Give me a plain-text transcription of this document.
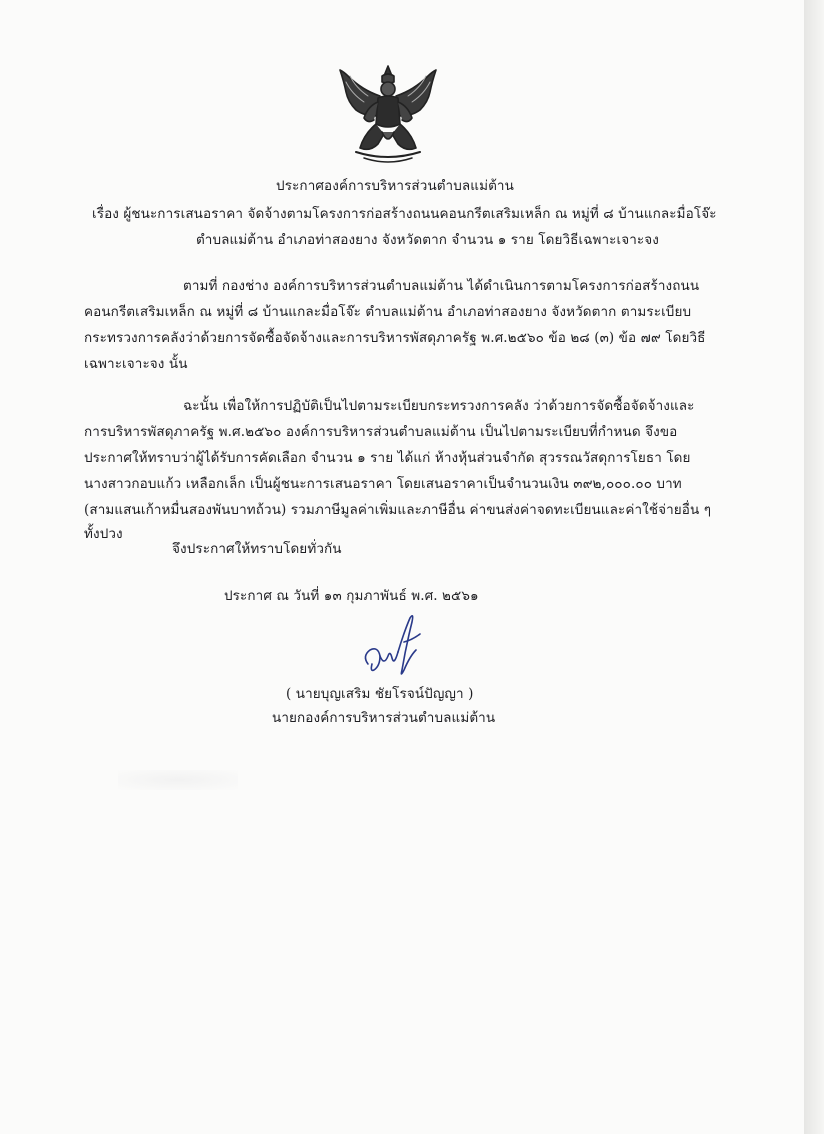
ประกาศองค์การบริหารส่วนตำบลแม่ต้าน
เรื่อง ผู้ชนะการเสนอราคา จัดจ้างตามโครงการก่อสร้างถนนคอนกรีตเสริมเหล็ก ณ หมู่ที่ ๘ บ้านแกละมื่อโจ๊ะ
ตำบลแม่ต้าน อำเภอท่าสองยาง จังหวัดตาก จำนวน ๑ ราย โดยวิธีเฉพาะเจาะจง
ตามที่ กองช่าง องค์การบริหารส่วนตำบลแม่ต้าน ได้ดำเนินการตามโครงการก่อสร้างถนน
คอนกรีตเสริมเหล็ก ณ หมู่ที่ ๘ บ้านแกละมื่อโจ๊ะ ตำบลแม่ต้าน อำเภอท่าสองยาง จังหวัดตาก ตามระเบียบ
กระทรวงการคลังว่าด้วยการจัดซื้อจัดจ้างและการบริหารพัสดุภาครัฐ พ.ศ.๒๕๖๐ ข้อ ๒๘ (๓) ข้อ ๗๙ โดยวิธี
เฉพาะเจาะจง นั้น
ฉะนั้น เพื่อให้การปฏิบัติเป็นไปตามระเบียบกระทรวงการคลัง ว่าด้วยการจัดซื้อจัดจ้างและ
การบริหารพัสดุภาครัฐ พ.ศ.๒๕๖๐ องค์การบริหารส่วนตำบลแม่ต้าน เป็นไปตามระเบียบที่กำหนด จึงขอ
ประกาศให้ทราบว่าผู้ได้รับการคัดเลือก จำนวน ๑ ราย ได้แก่ ห้างหุ้นส่วนจำกัด สุวรรณวัสดุการโยธา โดย
นางสาวกอบแก้ว เหลือกเล็ก เป็นผู้ชนะการเสนอราคา โดยเสนอราคาเป็นจำนวนเงิน ๓๙๒,๐๐๐.๐๐ บาท
(สามแสนเก้าหมื่นสองพันบาทถ้วน) รวมภาษีมูลค่าเพิ่มและภาษีอื่น ค่าขนส่งค่าจดทะเบียนและค่าใช้จ่ายอื่น ๆ
ทั้งปวง
จึงประกาศให้ทราบโดยทั่วกัน
ประกาศ ณ วันที่ ๑๓ กุมภาพันธ์ พ.ศ. ๒๕๖๑
( นายบุญเสริม ชัยโรจน์ปัญญา )
นายกองค์การบริหารส่วนตำบลแม่ต้าน
